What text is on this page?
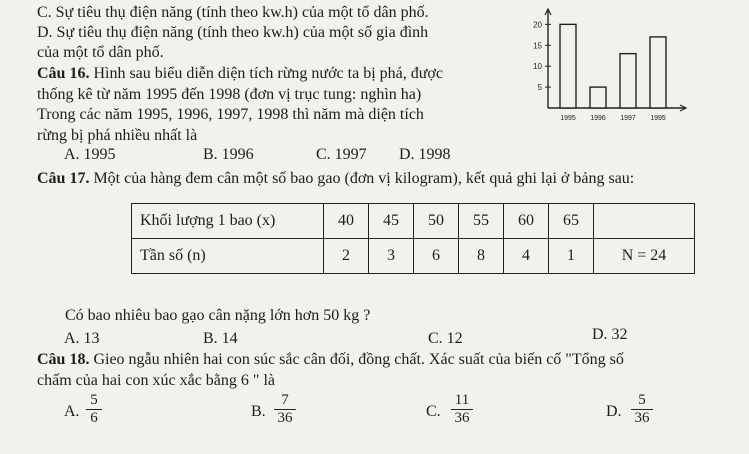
C. Sự tiêu thụ điện năng (tính theo kw.h) của một tổ dân phố.
D. Sự tiêu thụ điện năng (tính theo kw.h) của một số gia đình
của một tổ dân phố.
Câu 16. Hình sau biểu diễn diện tích rừng nước ta bị phá, được
thống kê từ năm 1995 đến 1998 (đơn vị trục tung: nghìn ha)
Trong các năm 1995, 1996, 1997, 1998 thì năm mà diện tích
rừng bị phá nhiều nhất là
A. 1995	B. 1996	C. 1997 D. 1998
5
10
15
20
1995 1996 1997 1995
Câu 17. Một của hàng đem cân một số bao gao (đơn vị kilogram), kết quả ghi lại ở bảng sau:
Khối lượng 1 bao (x)	40	45	50	55	60	65	
Tần số (n)	2	3	6	8	4	1	N = 24
Có bao nhiêu bao gạo cân nặng lớn hơn 50 kg ?
A. 13	B. 14	C. 12	D. 32
Câu 18. Gieo ngẫu nhiên hai con súc sắc cân đối, đồng chất. Xác suất của biến cố "Tổng số
chấm của hai con xúc xắc bằng 6 " là
A.
5
6	B.
7
36	C.
11
36	D.
5
36
